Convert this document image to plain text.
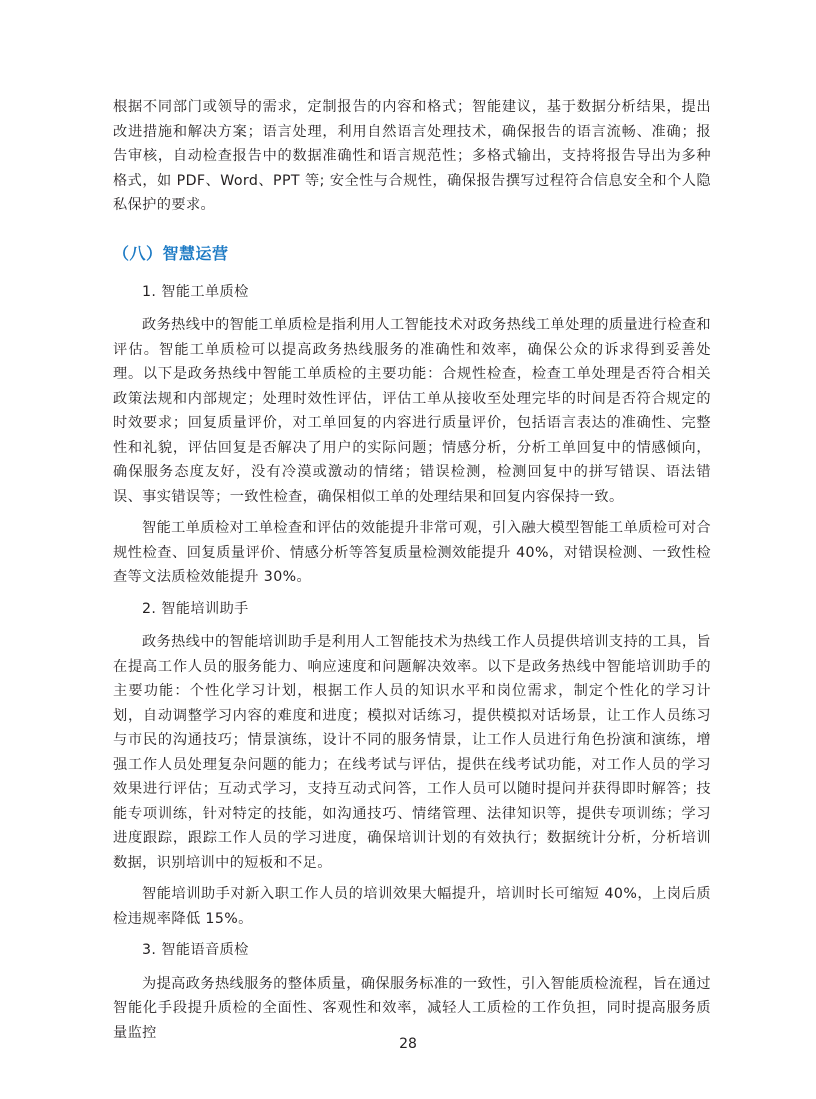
根据不同部门或领导的需求，定制报告的内容和格式；智能建议，基于数据分析结果，提出改进措施和解决方案；语言处理，利用自然语言处理技术，确保报告的语言流畅、准确；报告审核，自动检查报告中的数据准确性和语言规范性；多格式输出，支持将报告导出为多种格式，如 PDF、Word、PPT 等; 安全性与合规性，确保报告撰写过程符合信息安全和个人隐私保护的要求。

（八）智慧运营

1. 智能工单质检

政务热线中的智能工单质检是指利用人工智能技术对政务热线工单处理的质量进行检查和评估。智能工单质检可以提高政务热线服务的准确性和效率，确保公众的诉求得到妥善处理。以下是政务热线中智能工单质检的主要功能：合规性检查，检查工单处理是否符合相关政策法规和内部规定；处理时效性评估，评估工单从接收至处理完毕的时间是否符合规定的时效要求；回复质量评价，对工单回复的内容进行质量评价，包括语言表达的准确性、完整性和礼貌，评估回复是否解决了用户的实际问题；情感分析，分析工单回复中的情感倾向，确保服务态度友好，没有冷漠或激动的情绪；错误检测，检测回复中的拼写错误、语法错误、事实错误等；一致性检查，确保相似工单的处理结果和回复内容保持一致。

智能工单质检对工单检查和评估的效能提升非常可观，引入融大模型智能工单质检可对合规性检查、回复质量评价、情感分析等答复质量检测效能提升 40%，对错误检测、一致性检查等文法质检效能提升 30%。

2. 智能培训助手

政务热线中的智能培训助手是利用人工智能技术为热线工作人员提供培训支持的工具，旨在提高工作人员的服务能力、响应速度和问题解决效率。以下是政务热线中智能培训助手的主要功能：个性化学习计划，根据工作人员的知识水平和岗位需求，制定个性化的学习计划，自动调整学习内容的难度和进度；模拟对话练习，提供模拟对话场景，让工作人员练习与市民的沟通技巧；情景演练，设计不同的服务情景，让工作人员进行角色扮演和演练，增强工作人员处理复杂问题的能力；在线考试与评估，提供在线考试功能，对工作人员的学习效果进行评估；互动式学习，支持互动式问答，工作人员可以随时提问并获得即时解答；技能专项训练，针对特定的技能，如沟通技巧、情绪管理、法律知识等，提供专项训练；学习进度跟踪，跟踪工作人员的学习进度，确保培训计划的有效执行；数据统计分析，分析培训数据，识别培训中的短板和不足。

智能培训助手对新入职工作人员的培训效果大幅提升，培训时长可缩短 40%，上岗后质检违规率降低 15%。

3. 智能语音质检

为提高政务热线服务的整体质量，确保服务标准的一致性，引入智能质检流程，旨在通过智能化手段提升质检的全面性、客观性和效率，减轻人工质检的工作负担，同时提高服务质量监控

28
